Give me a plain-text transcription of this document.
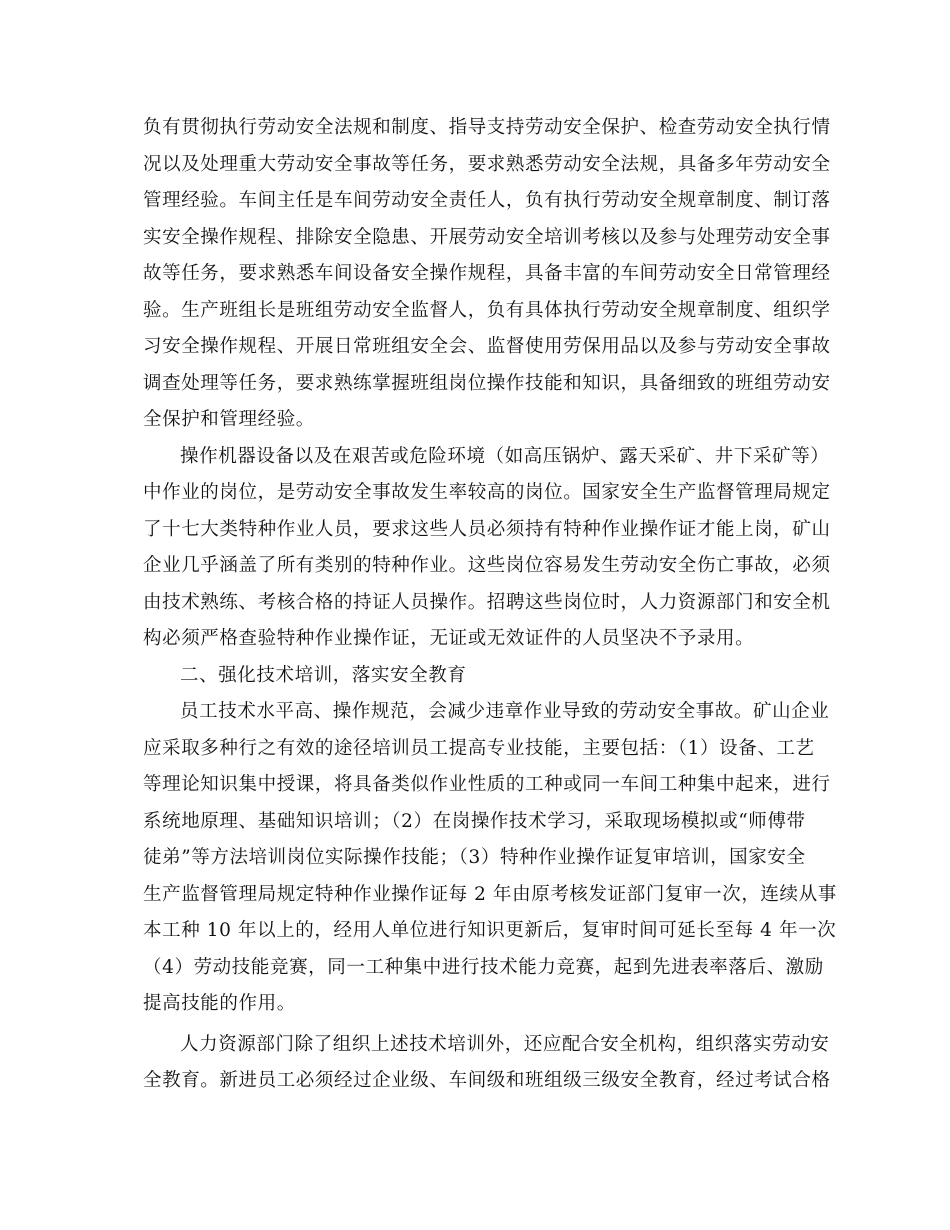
负有贯彻执行劳动安全法规和制度、指导支持劳动安全保护、检查劳动安全执行情
况以及处理重大劳动安全事故等任务，要求熟悉劳动安全法规，具备多年劳动安全
管理经验。车间主任是车间劳动安全责任人，负有执行劳动安全规章制度、制订落
实安全操作规程、排除安全隐患、开展劳动安全培训考核以及参与处理劳动安全事
故等任务，要求熟悉车间设备安全操作规程，具备丰富的车间劳动安全日常管理经
验。生产班组长是班组劳动安全监督人，负有具体执行劳动安全规章制度、组织学
习安全操作规程、开展日常班组安全会、监督使用劳保用品以及参与劳动安全事故
调查处理等任务，要求熟练掌握班组岗位操作技能和知识，具备细致的班组劳动安
全保护和管理经验。
操作机器设备以及在艰苦或危险环境（如高压锅炉、露天采矿、井下采矿等）
中作业的岗位，是劳动安全事故发生率较高的岗位。国家安全生产监督管理局规定
了十七大类特种作业人员，要求这些人员必须持有特种作业操作证才能上岗，矿山
企业几乎涵盖了所有类别的特种作业。这些岗位容易发生劳动安全伤亡事故，必须
由技术熟练、考核合格的持证人员操作。招聘这些岗位时，人力资源部门和安全机
构必须严格查验特种作业操作证，无证或无效证件的人员坚决不予录用。
二、强化技术培训，落实安全教育
员工技术水平高、操作规范，会减少违章作业导致的劳动安全事故。矿山企业
应采取多种行之有效的途径培训员工提高专业技能，主要包括：（1）设备、工艺
等理论知识集中授课，将具备类似作业性质的工种或同一车间工种集中起来，进行
系统地原理、基础知识培训；（2）在岗操作技术学习，采取现场模拟或“师傅带
徒弟”等方法培训岗位实际操作技能；（3）特种作业操作证复审培训，国家安全
生产监督管理局规定特种作业操作证每 2 年由原考核发证部门复审一次，连续从事
本工种 10 年以上的，经用人单位进行知识更新后，复审时间可延长至每 4 年一次
（4）劳动技能竞赛，同一工种集中进行技术能力竞赛，起到先进表率落后、激励
提高技能的作用。
人力资源部门除了组织上述技术培训外，还应配合安全机构，组织落实劳动安
全教育。新进员工必须经过企业级、车间级和班组级三级安全教育，经过考试合格
